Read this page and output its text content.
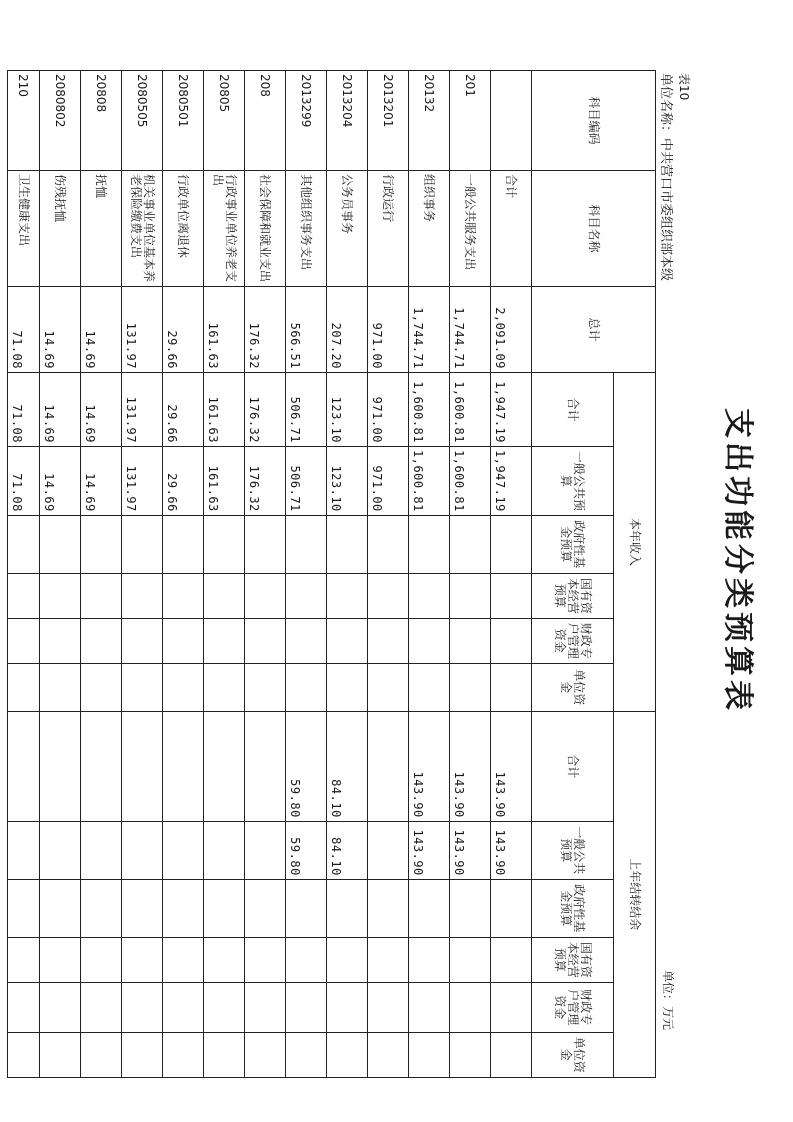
支出功能分类预算表
表10
单位名称：中共营口市委组织部本级
单位：万元
科目编码	科目名称	总计	本年收入						上年结转结余					
			合计	一般公共预算	政府性基金预算	国有资本经营预算	财政专户管理资金	单位资金	合计	一般公共预算	政府性基金预算	国有资本经营预算	财政专户管理资金	单位资金
	合计	2,091.09	1,947.19	1,947.19					143.90	143.90				
201	一般公共服务支出	1,744.71	1,600.81	1,600.81					143.90	143.90				
20132	组织事务	1,744.71	1,600.81	1,600.81					143.90	143.90				
2013201	行政运行	971.00	971.00	971.00										
2013204	公务员事务	207.20	123.10	123.10					84.10	84.10				
2013299	其他组织事务支出	566.51	506.71	506.71					59.80	59.80				
208	社会保障和就业支出	176.32	176.32	176.32										
20805	行政事业单位养老支出	161.63	161.63	161.63										
2080501	行政单位离退休	29.66	29.66	29.66										
2080505	机关事业单位基本养老保险缴费支出	131.97	131.97	131.97										
20808	抚恤	14.69	14.69	14.69										
2080802	伤残抚恤	14.69	14.69	14.69										
210	卫生健康支出	71.08	71.08	71.08										
